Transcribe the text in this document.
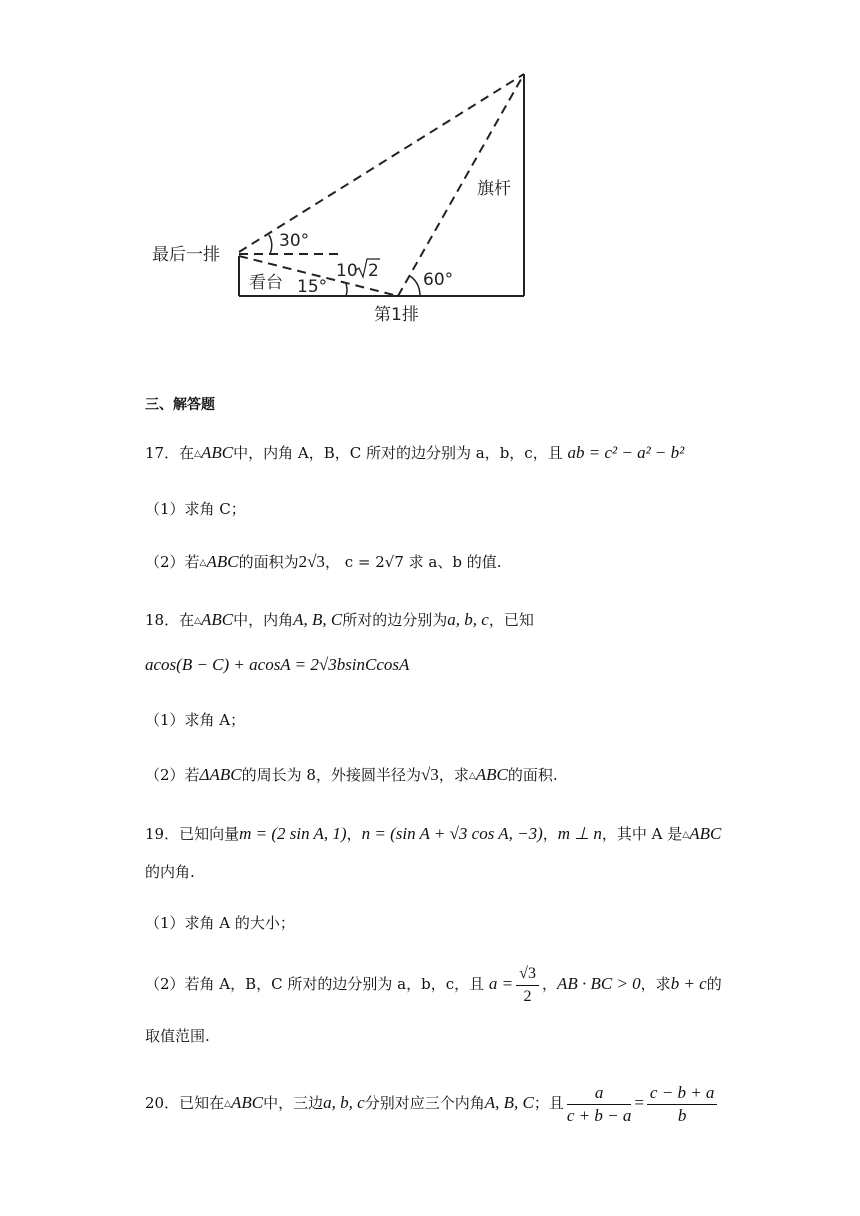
最后一排
30°
看台 15°
10 2	60°
旗杆
第1排
三、解答题
17．在△ABC中，内角 A，B，C 所对的边分别为 a，b，c，且 ab = c² − a² − b²
（1）求角 C；
（2）若△ABC的面积为2√3， c = 2√7 求 a、b 的值.
18．在△ABC中，内角A, B, C所对的边分别为a, b, c，已知
acos(B − C) + acosA = 2√3bsinCcosA
（1）求角 A；
（2）若ΔABC的周长为 8，外接圆半径为√3，求△ABC的面积.
19．已知向量m = (2 sin A, 1)，n = (sin A + √3 cos A, −3)，m ⊥ n，其中 A 是△ABC
的内角.
（1）求角 A 的大小；
（2）若角 A，B，C 所对的边分别为 a，b，c，且 $a = \frac{√3}{2}$ ，AB · BC > 0，求b + c的
取值范围.
20．已知在△ABC中，三边a, b, c分别对应三个内角A, B, C；且 $\frac{a}{c + b - a} = \frac{c - b + a}{b}$
